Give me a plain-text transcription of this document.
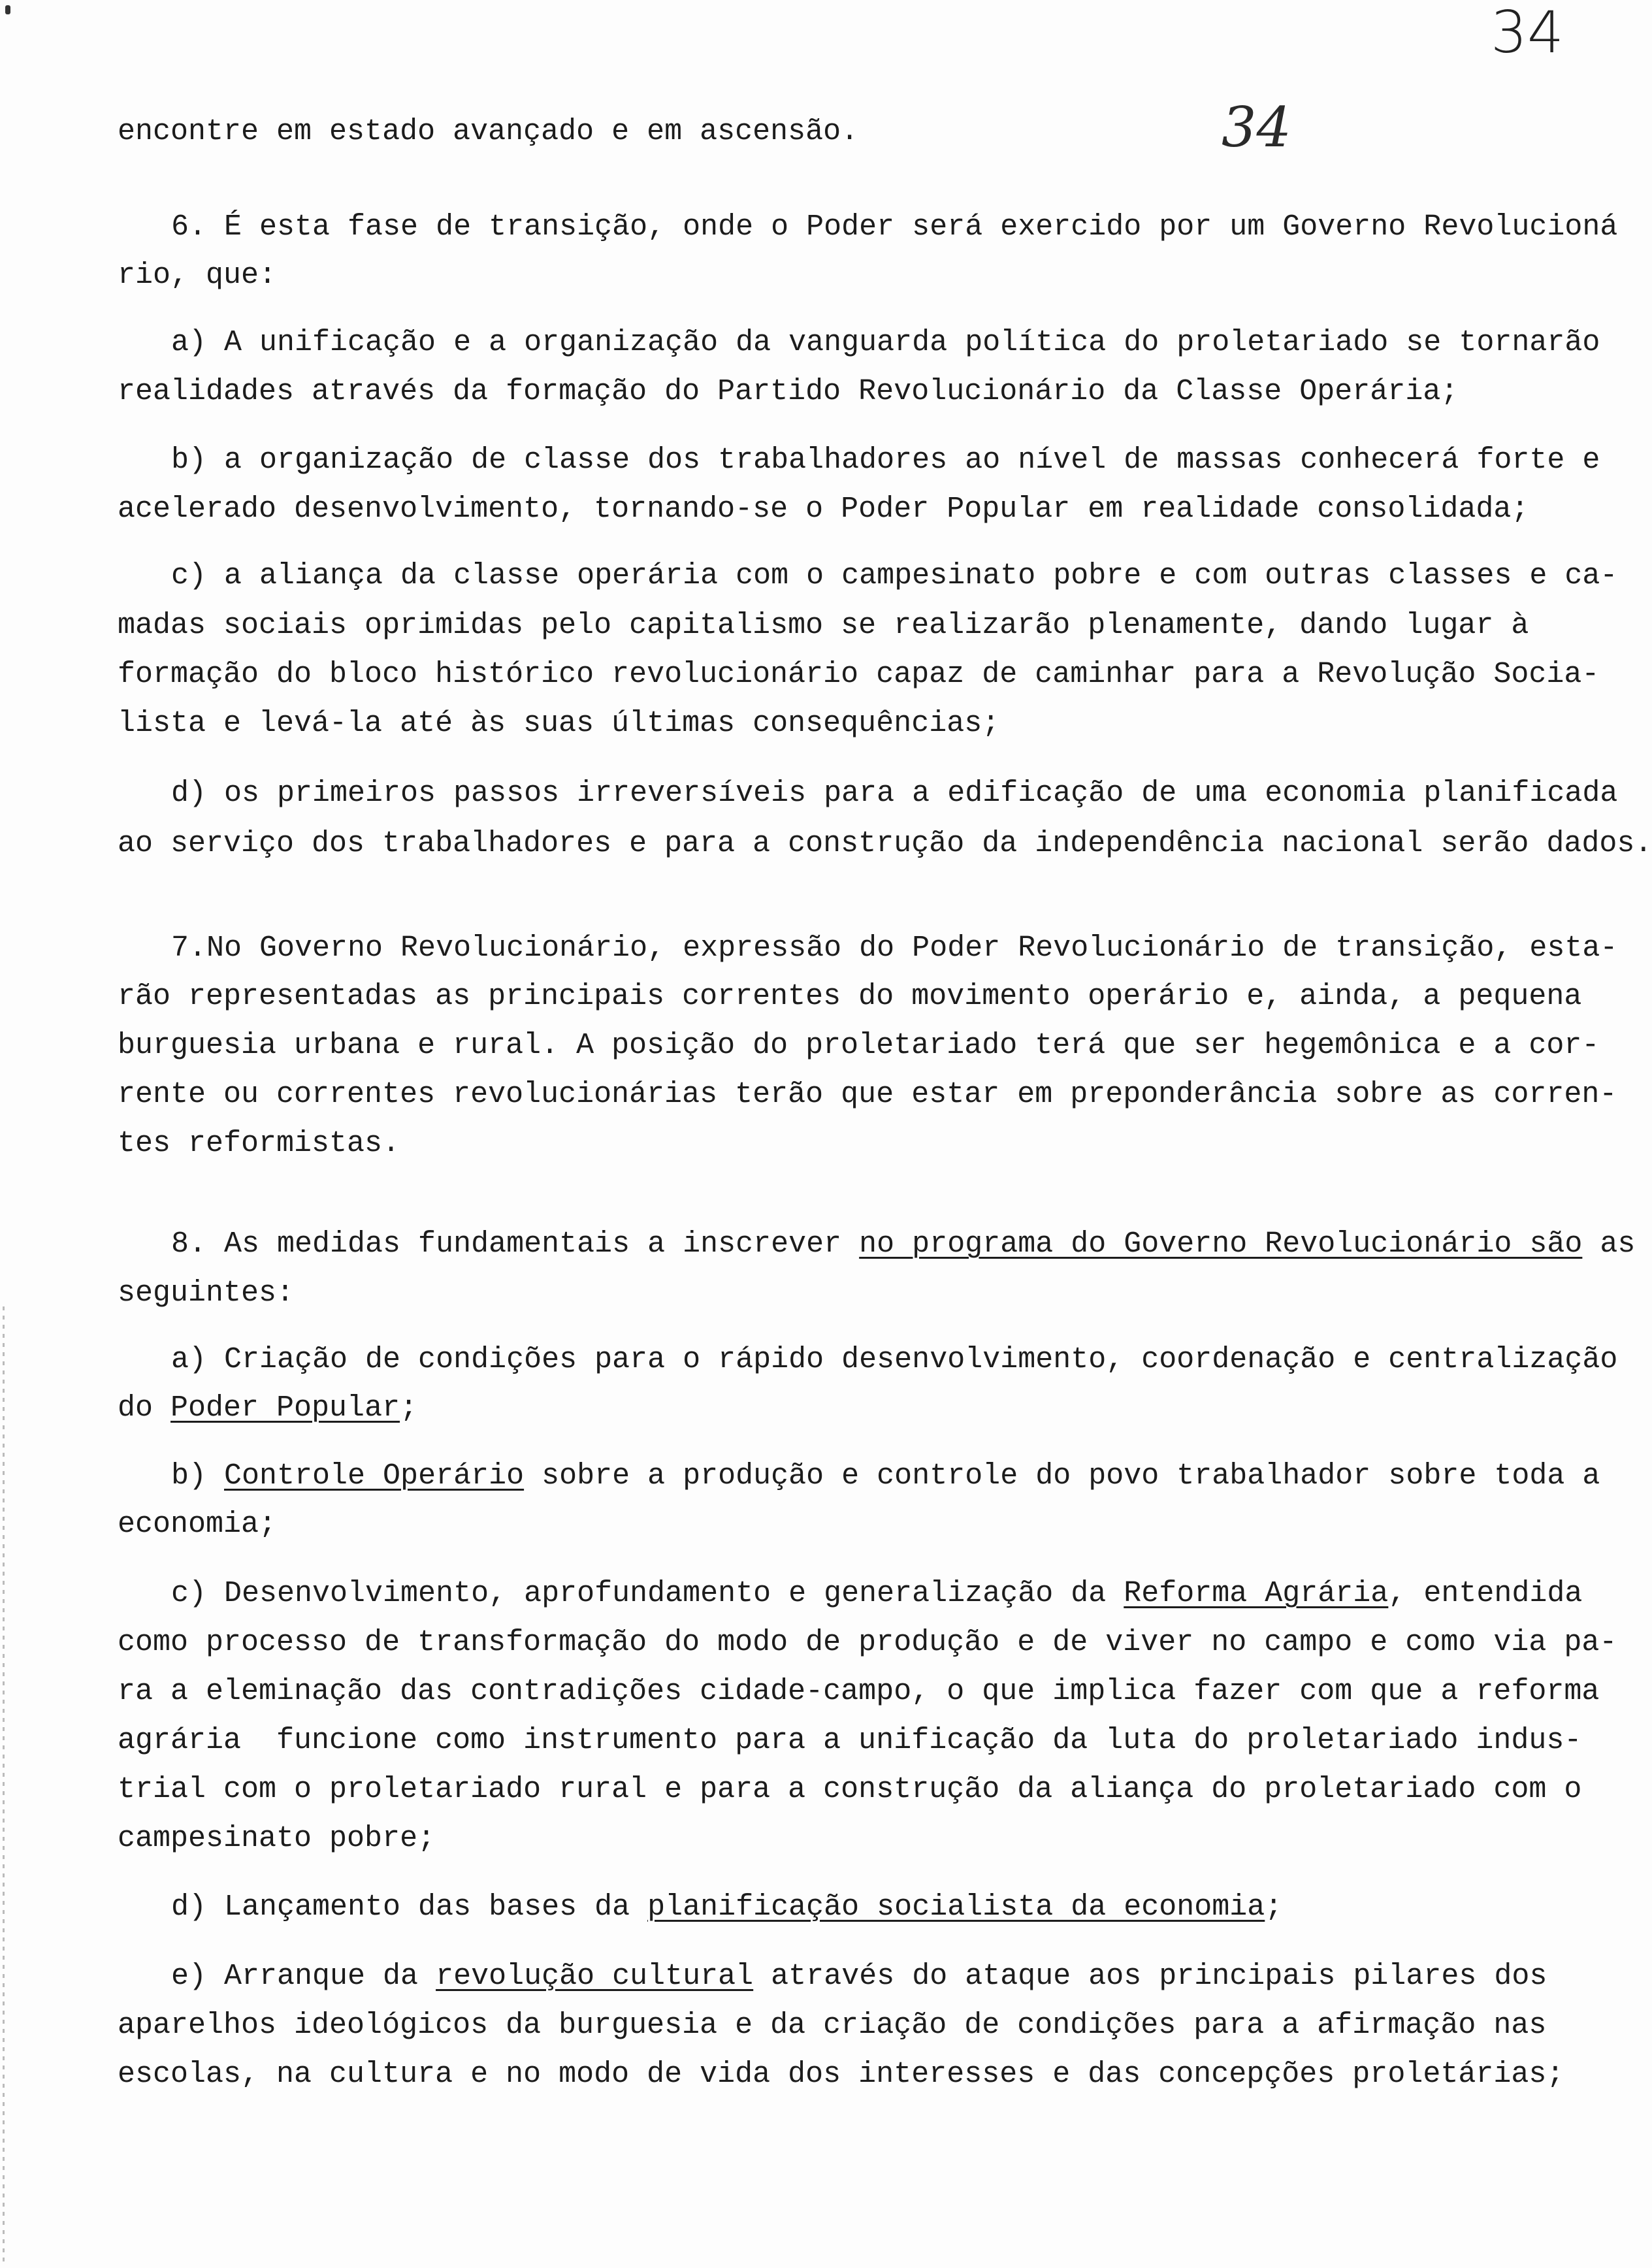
34
34
encontre em estado avançado e em ascensão.
6. É esta fase de transição, onde o Poder será exercido por um Governo Revolucioná
rio, que:
a) A unificação e a organização da vanguarda política do proletariado se tornarão
realidades através da formação do Partido Revolucionário da Classe Operária;
b) a organização de classe dos trabalhadores ao nível de massas conhecerá forte e
acelerado desenvolvimento, tornando-se o Poder Popular em realidade consolidada;
c) a aliança da classe operária com o campesinato pobre e com outras classes e ca-
madas sociais oprimidas pelo capitalismo se realizarão plenamente, dando lugar à
formação do bloco histórico revolucionário capaz de caminhar para a Revolução Socia-
lista e levá-la até às suas últimas consequências;
d) os primeiros passos irreversíveis para a edificação de uma economia planificada
ao serviço dos trabalhadores e para a construção da independência nacional serão dados.
7.No Governo Revolucionário, expressão do Poder Revolucionário de transição, esta-
rão representadas as principais correntes do movimento operário e, ainda, a pequena
burguesia urbana e rural. A posição do proletariado terá que ser hegemônica e a cor-
rente ou correntes revolucionárias terão que estar em preponderância sobre as corren-
tes reformistas.
8. As medidas fundamentais a inscrever no programa do Governo Revolucionário são as
seguintes:
a) Criação de condições para o rápido desenvolvimento, coordenação e centralização
do Poder Popular;
b) Controle Operário sobre a produção e controle do povo trabalhador sobre toda a
economia;
c) Desenvolvimento, aprofundamento e generalização da Reforma Agrária, entendida
como processo de transformação do modo de produção e de viver no campo e como via pa-
ra a eleminação das contradições cidade-campo, o que implica fazer com que a reforma
agrária  funcione como instrumento para a unificação da luta do proletariado indus-
trial com o proletariado rural e para a construção da aliança do proletariado com o
campesinato pobre;
d) Lançamento das bases da planificação socialista da economia;
e) Arranque da revolução cultural através do ataque aos principais pilares dos
aparelhos ideológicos da burguesia e da criação de condições para a afirmação nas
escolas, na cultura e no modo de vida dos interesses e das concepções proletárias;
